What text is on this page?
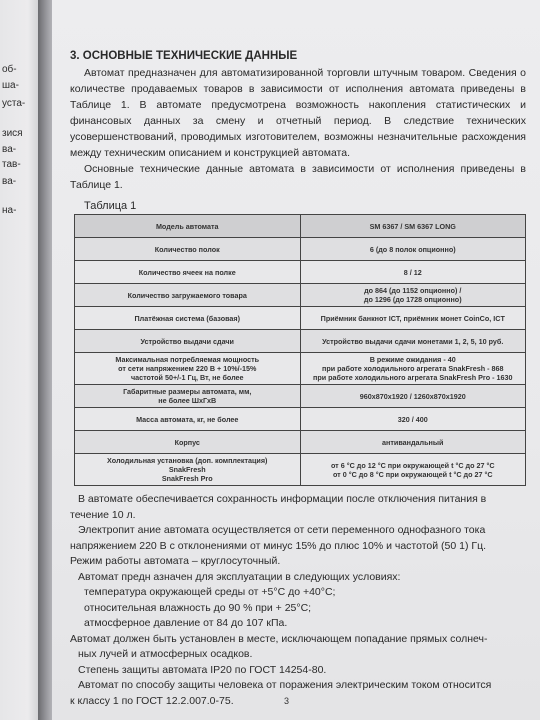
об-
ша-
уста-
зися
ва-
тав-
ва-
на-

3. ОСНОВНЫЕ ТЕХНИЧЕСКИЕ ДАННЫЕ

Автомат предназначен для автоматизированной торговли штучным товаром. Сведения о количестве продаваемых товаров в зависимости от исполнения автомата приведены в Таблице 1. В автомате предусмотрена возможность накопления статистических и финансовых данных за смену и отчетный период. В следствие технических усовершенствований, проводимых изготовителем, возможны незначительные расхождения между техническим описанием и конструкцией автомата.

Основные технические данные автомата в зависимости от исполнения приведены в Таблице 1.

Таблица 1
Модель автомата	SM 6367 / SM 6367 LONG
Количество полок	6 (до 8 полок опционно)
Количество ячеек на полке	8 / 12
Количество загружаемого товара	до 864 (до 1152 опционно) /
до 1296 (до 1728 опционно)
Платёжная система (базовая)	Приёмник банкнот ICT, приёмник монет CoinCo, ICT
Устройство выдачи сдачи	Устройство выдачи сдачи монетами 1, 2, 5, 10 руб.
Максимальная потребляемая мощность
от сети напряжением 220 В + 10%/-15%
частотой 50+/-1 Гц, Вт, не более	В режиме ожидания - 40
при работе холодильного агрегата SnakFresh - 868
при работе холодильного агрегата SnakFresh Pro - 1630
Габаритные размеры автомата, мм,
не более ШхГхВ	960х870х1920 / 1260х870х1920
Масса автомата, кг, не более	320 / 400
Корпус	антивандальный
Холодильная установка (доп. комплектация)
SnakFresh
SnakFresh Pro	от 6 °С до 12 °С при окружающей t °С до 27 °С
от 0 °С до 8 °С при окружающей t °С до 27 °С

В автомате обеспечивается сохранность информации после отключения питания в течение 10 л.

Электропит ание автомата осуществляется от сети переменного однофазного тока

напряжением 220 В с отклонениями от минус 15% до плюс 10% и частотой (50 1) Гц.

Режим работы автомата – круглосуточный.

Автомат предн азначен для эксплуатации в следующих условиях:

температура окружающей среды от +5°С до +40°С;

относительная влажность до 90 % при + 25°С;

атмосферное давление от 84 до 107 кПа.

Автомат должен быть установлен в месте, исключающем попадание прямых солнеч-

ных лучей и атмосферных осадков.

Степень защиты автомата IP20 по ГОСТ 14254-80.

Автомат по способу защиты человека от поражения электрическим током относится

к классу 1 по ГОСТ 12.2.007.0-75.	3
